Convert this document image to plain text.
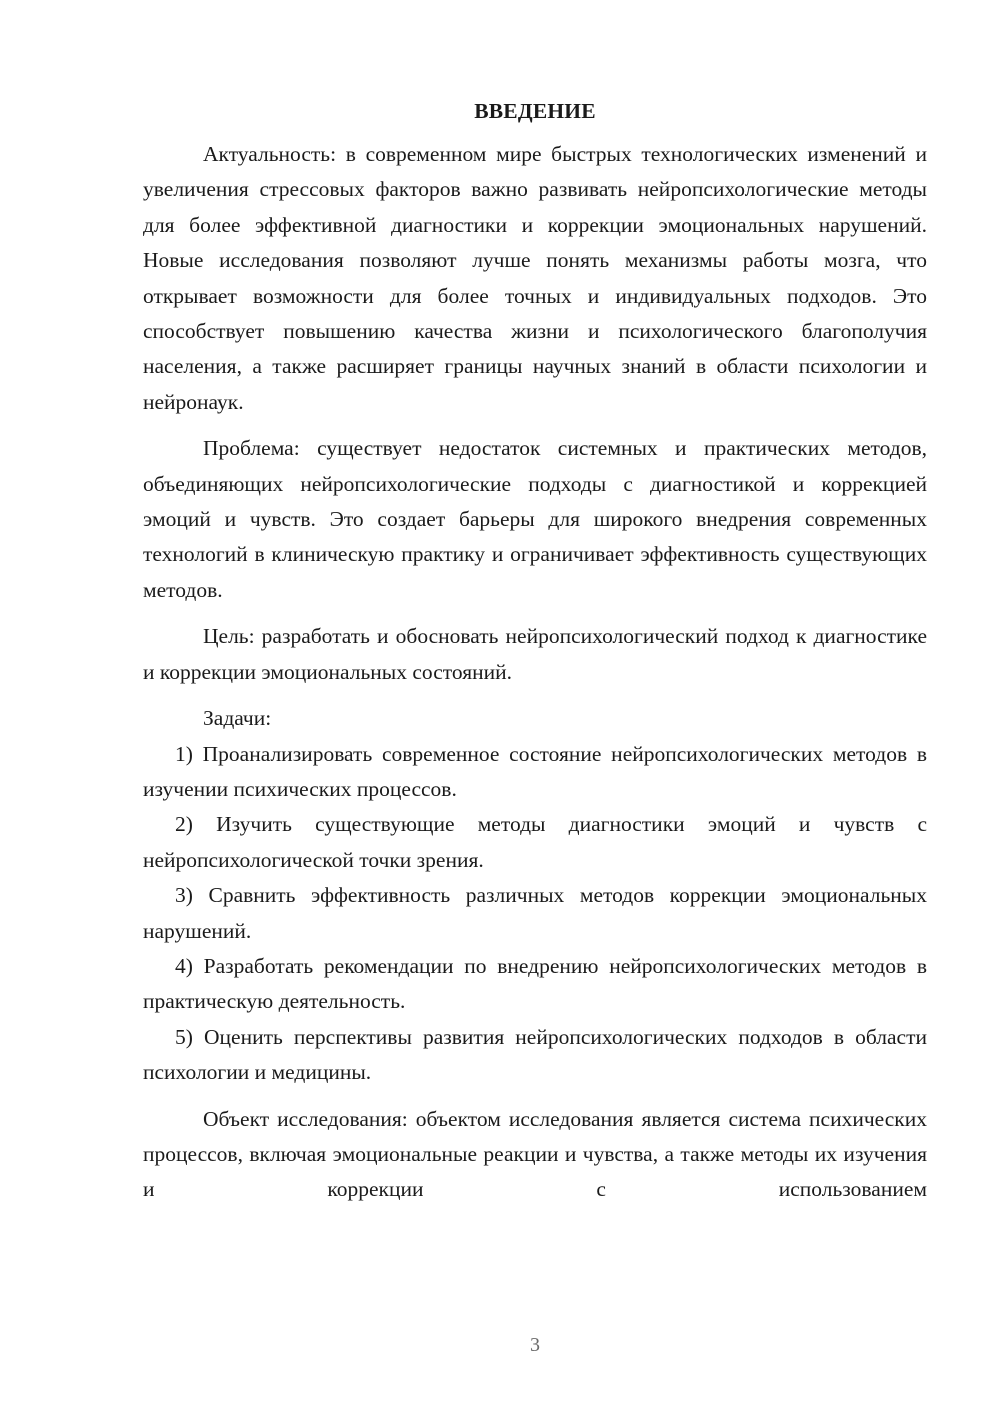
ВВЕДЕНИЕ

Актуальность: в современном мире быстрых технологических изменений и увеличения стрессовых факторов важно развивать нейропсихологические методы для более эффективной диагностики и коррекции эмоциональных нарушений. Новые исследования позволяют лучше понять механизмы работы мозга, что открывает возможности для более точных и индивидуальных подходов. Это способствует повышению качества жизни и психологического благополучия населения, а также расширяет границы научных знаний в области психологии и нейронаук.

Проблема: существует недостаток системных и практических методов, объединяющих нейропсихологические подходы с диагностикой и коррекцией эмоций и чувств. Это создает барьеры для широкого внедрения современных технологий в клиническую практику и ограничивает эффективность существующих методов.

Цель: разработать и обосновать нейропсихологический подход к диагностике и коррекции эмоциональных состояний.

Задачи:

1) Проанализировать современное состояние нейропсихологических методов в изучении психических процессов.

2) Изучить существующие методы диагностики эмоций и чувств с нейропсихологической точки зрения.

3) Сравнить эффективность различных методов коррекции эмоциональных нарушений.

4) Разработать рекомендации по внедрению нейропсихологических методов в практическую деятельность.

5) Оценить перспективы развития нейропсихологических подходов в области психологии и медицины.

Объект исследования: объектом исследования является система психических процессов, включая эмоциональные реакции и чувства, а также методы их изучения и коррекции с использованием

3
